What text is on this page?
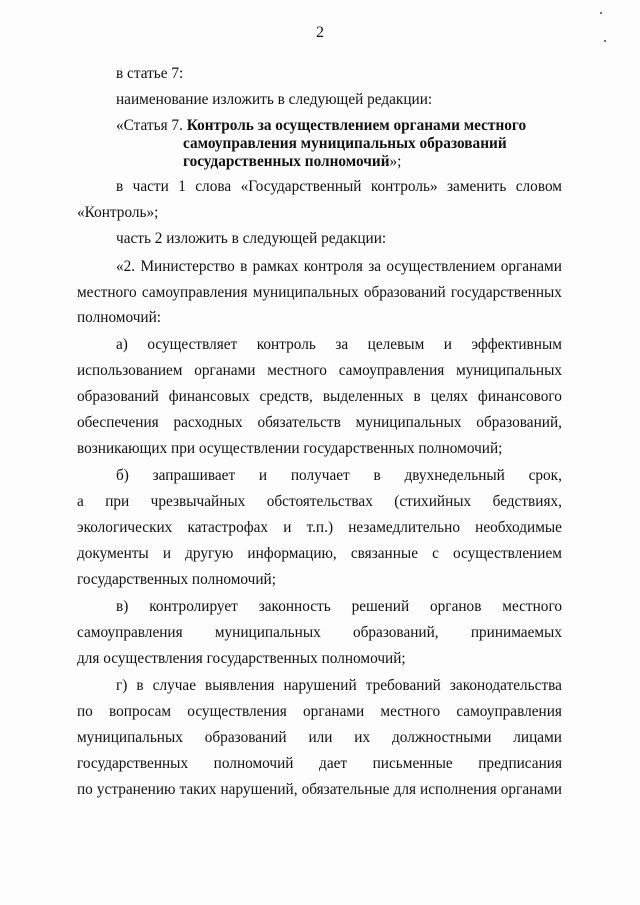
2
в статье 7:
наименование изложить в следующей редакции:
«Статья 7. Контроль за осуществлением органами местного
самоуправления муниципальных образований
государственных полномочий»;
в части 1 слова «Государственный контроль» заменить словом
«Контроль»;
часть 2 изложить в следующей редакции:
«2. Министерство в рамках контроля за осуществлением органами
местного самоуправления муниципальных образований государственных
полномочий:
а) осуществляет контроль за целевым и эффективным
использованием органами местного самоуправления муниципальных
образований финансовых средств, выделенных в целях финансового
обеспечения расходных обязательств муниципальных образований,
возникающих при осуществлении государственных полномочий;
б) запрашивает и получает в двухнедельный срок,
а при чрезвычайных обстоятельствах (стихийных бедствиях,
экологических катастрофах и т.п.) незамедлительно необходимые
документы и другую информацию, связанные с осуществлением
государственных полномочий;
в) контролирует законность решений органов местного
самоуправления муниципальных образований, принимаемых
для осуществления государственных полномочий;
г) в случае выявления нарушений требований законодательства
по вопросам осуществления органами местного самоуправления
муниципальных образований или их должностными лицами
государственных полномочий дает письменные предписания
по устранению таких нарушений, обязательные для исполнения органами
